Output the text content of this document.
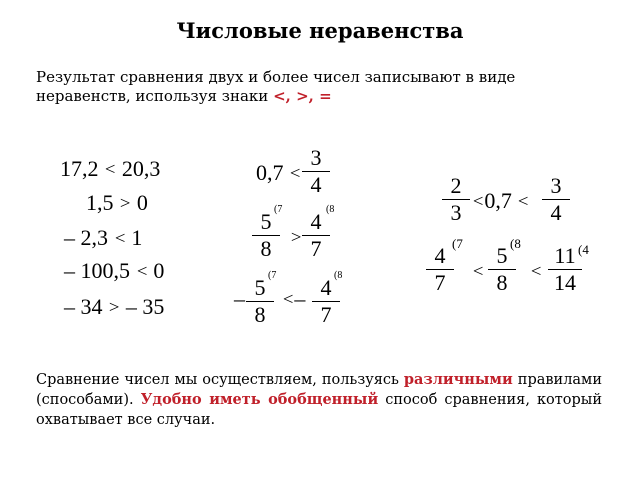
Числовые неравенства
Результат сравнения двух и более чисел записывают в виде неравенств, используя знаки <, >, =
17,2 < 20,3
1,5 > 0
– 2,3 < 1
– 100,5 < 0
– 34 > – 35
0,7 <
3
4
(7	(8
5
8 >
4
7
(7	(8
– 5
8
<– 4
7
2
3 <0,7 <
3
4
(7	(8	(4
4
7	<
5
8	<
11
14
Сравнение чисел мы осуществляем, пользуясь различными правилами (способами). Удобно иметь обобщенный способ сравнения, который охватывает все случаи.
